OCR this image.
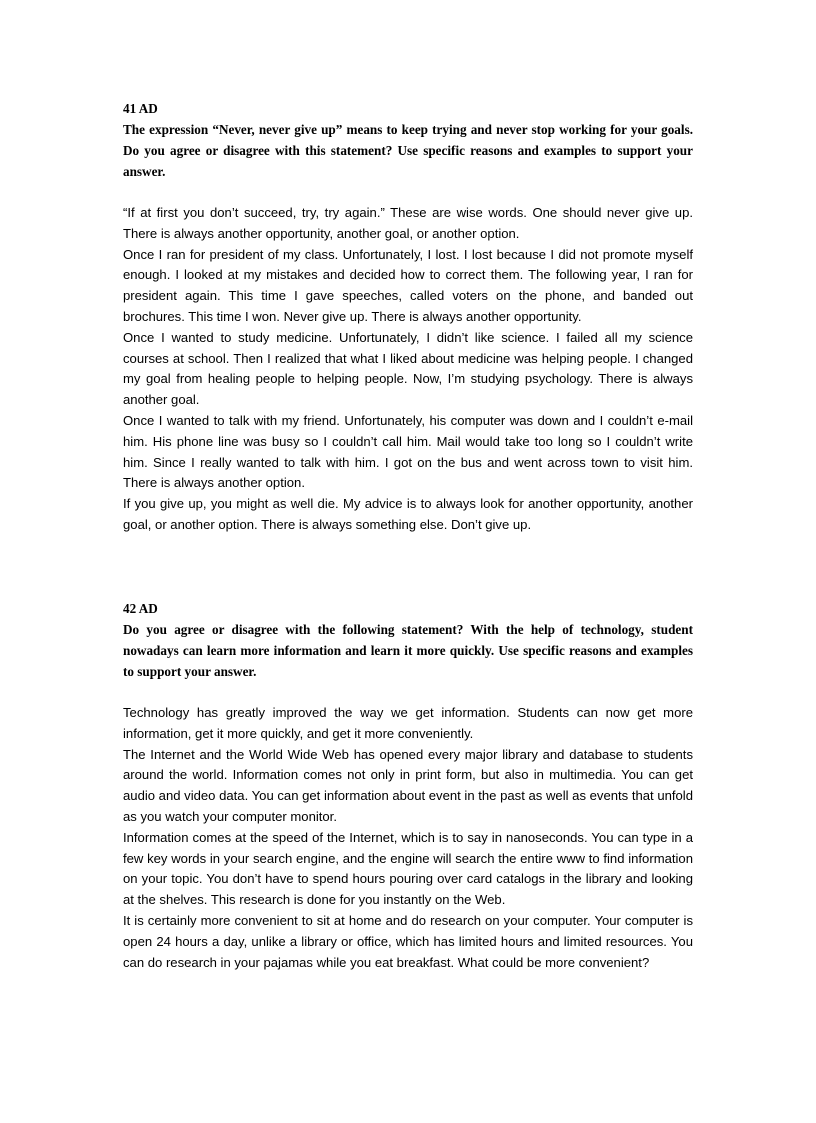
41 AD
The expression “Never, never give up” means to keep trying and never stop working for your goals. Do you agree or disagree with this statement? Use specific reasons and examples to support your answer.

“If at first you don’t succeed, try, try again.” These are wise words. One should never give up. There is always another opportunity, another goal, or another option.

Once I ran for president of my class. Unfortunately, I lost. I lost because I did not promote myself enough. I looked at my mistakes and decided how to correct them. The following year, I ran for president again. This time I gave speeches, called voters on the phone, and banded out brochures. This time I won. Never give up. There is always another opportunity.

Once I wanted to study medicine. Unfortunately, I didn’t like science. I failed all my science courses at school. Then I realized that what I liked about medicine was helping people. I changed my goal from healing people to helping people. Now, I’m studying psychology. There is always another goal.

Once I wanted to talk with my friend. Unfortunately, his computer was down and I couldn’t e-mail him. His phone line was busy so I couldn’t call him. Mail would take too long so I couldn’t write him. Since I really wanted to talk with him. I got on the bus and went across town to visit him. There is always another option.

If you give up, you might as well die. My advice is to always look for another opportunity, another goal, or another option. There is always something else. Don’t give up.

42 AD
Do you agree or disagree with the following statement? With the help of technology, student nowadays can learn more information and learn it more quickly. Use specific reasons and examples to support your answer.

Technology has greatly improved the way we get information. Students can now get more information, get it more quickly, and get it more conveniently.

The Internet and the World Wide Web has opened every major library and database to students around the world. Information comes not only in print form, but also in multimedia. You can get audio and video data. You can get information about event in the past as well as events that unfold as you watch your computer monitor.

Information comes at the speed of the Internet, which is to say in nanoseconds. You can type in a few key words in your search engine, and the engine will search the entire www to find information on your topic. You don’t have to spend hours pouring over card catalogs in the library and looking at the shelves. This research is done for you instantly on the Web.

It is certainly more convenient to sit at home and do research on your computer. Your computer is open 24 hours a day, unlike a library or office, which has limited hours and limited resources. You can do research in your pajamas while you eat breakfast. What could be more convenient?
